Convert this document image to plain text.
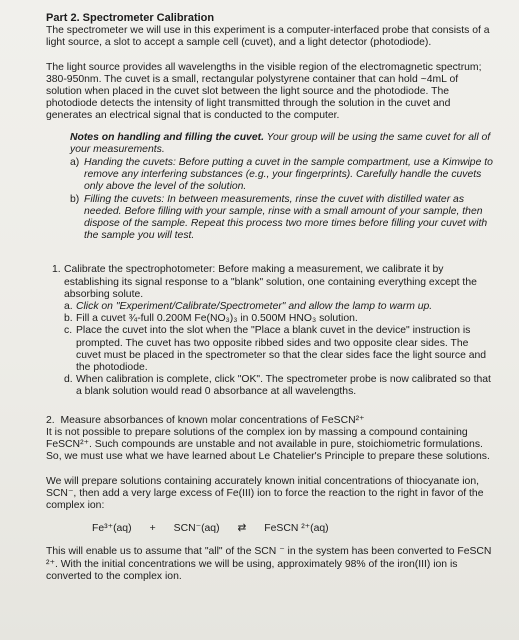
Part 2. Spectrometer Calibration

The spectrometer we will use in this experiment is a computer-interfaced probe that consists of a light source, a slot to accept a sample cell (cuvet), and a light detector (photodiode).

The light source provides all wavelengths in the visible region of the electromagnetic spectrum; 380-950nm. The cuvet is a small, rectangular polystyrene container that can hold ~4mL of solution when placed in the cuvet slot between the light source and the photodiode. The photodiode detects the intensity of light transmitted through the solution in the cuvet and generates an electrical signal that is conducted to the computer.

Notes on handling and filling the cuvet. Your group will be using the same cuvet for all of your measurements.

a) Handing the cuvets: Before putting a cuvet in the sample compartment, use a Kimwipe to remove any interfering substances (e.g., your fingerprints). Carefully handle the cuvets only above the level of the solution.
b) Filling the cuvets: In between measurements, rinse the cuvet with distilled water as needed. Before filling with your sample, rinse with a small amount of your sample, then dispose of the sample. Repeat this process two more times before filling your cuvet with the sample you will test.
1. Calibrate the spectrophotometer: Before making a measurement, we calibrate it by establishing its signal response to a "blank" solution, one containing everything except the absorbing solute.

a. Click on "Experiment/Calibrate/Spectrometer" and allow the lamp to warm up.
b. Fill a cuvet ¾-full 0.200M Fe(NO₃)₃ in 0.500M HNO₃ solution.
c. Place the cuvet into the slot when the "Place a blank cuvet in the device" instruction is prompted. The cuvet has two opposite ribbed sides and two opposite clear sides. The cuvet must be placed in the spectrometer so that the clear sides face the light source and the photodiode.
d. When calibration is complete, click "OK". The spectrometer probe is now calibrated so that a blank solution would read 0 absorbance at all wavelengths.

2. Measure absorbances of known molar concentrations of FeSCN²⁺

It is not possible to prepare solutions of the complex ion by massing a compound containing FeSCN²⁺. Such compounds are unstable and not available in pure, stoichiometric formulations. So, we must use what we have learned about Le Chatelier's Principle to prepare these solutions.

We will prepare solutions containing accurately known initial concentrations of thiocyanate ion, SCN⁻, then add a very large excess of Fe(III) ion to force the reaction to the right in favor of the complex ion:

Fe³⁺(aq) + SCN⁻(aq) ⇄ FeSCN ²⁺(aq)

This will enable us to assume that "all" of the SCN ⁻ in the system has been converted to FeSCN ²⁺. With the initial concentrations we will be using, approximately 98% of the iron(III) ion is converted to the complex ion.
